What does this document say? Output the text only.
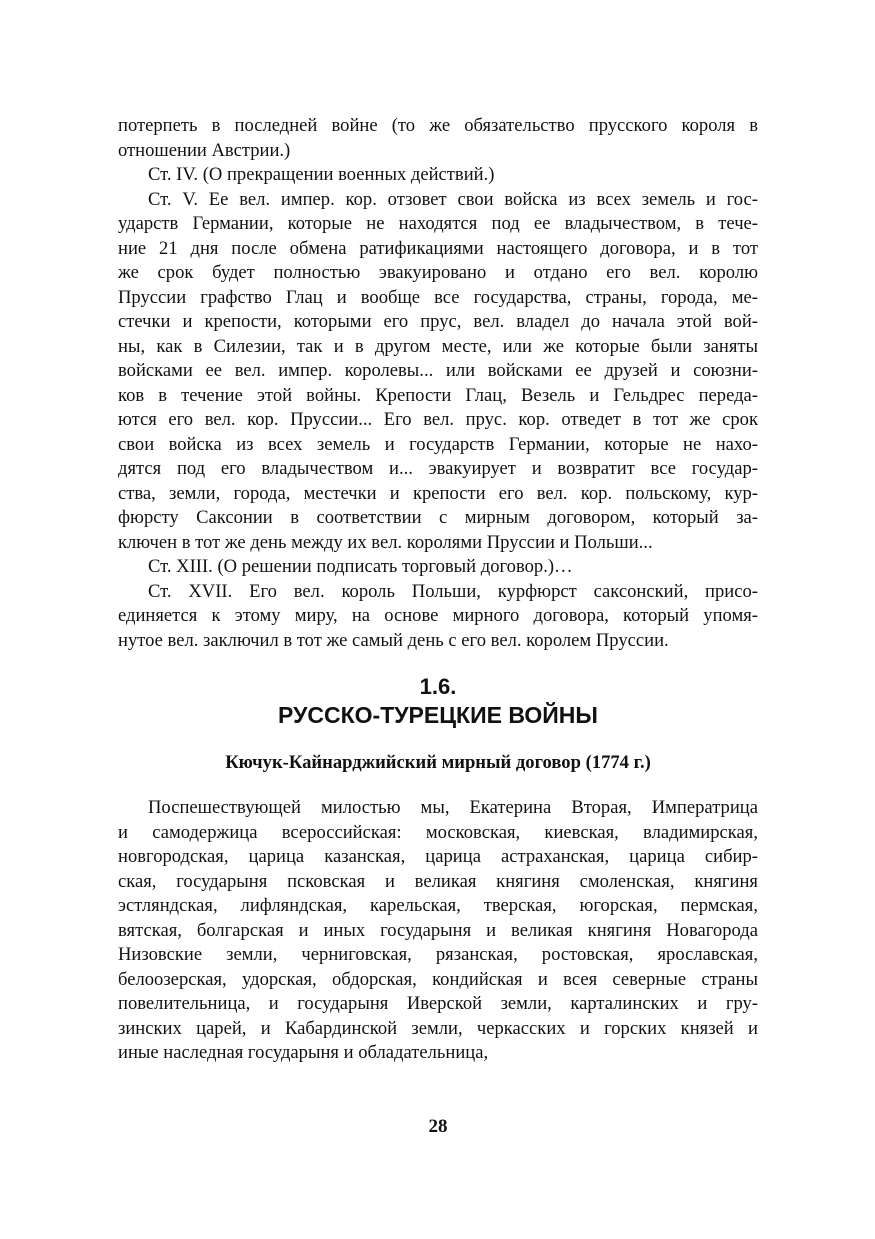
потерпеть в последней войне (то же обязательство прусского короля в
отношении Австрии.)
Ст. IV. (О прекращении военных действий.)
Ст. V. Ее вел. импер. кор. отзовет свои войска из всех земель и гос-
ударств Германии, которые не находятся под ее владычеством, в тече-
ние 21 дня после обмена ратификациями настоящего договора, и в тот
же срок будет полностью эвакуировано и отдано его вел. королю
Пруссии графство Глац и вообще все государства, страны, города, ме-
стечки и крепости, которыми его прус, вел. владел до начала этой вой-
ны, как в Силезии, так и в другом месте, или же которые были заняты
войсками ее вел. импер. королевы... или войсками ее друзей и союзни-
ков в течение этой войны. Крепости Глац, Везель и Гельдрес переда-
ются его вел. кор. Пруссии... Его вел. прус. кор. отведет в тот же срок
свои войска из всех земель и государств Германии, которые не нахо-
дятся под его владычеством и... эвакуирует и возвратит все государ-
ства, земли, города, местечки и крепости его вел. кор. польскому, кур-
фюрсту Саксонии в соответствии с мирным договором, который за-
ключен в тот же день между их вел. королями Пруссии и Польши...
Ст. XIII. (О решении подписать торговый договор.)…
Ст. XVII. Его вел. король Польши, курфюрст саксонский, присо-
единяется к этому миру, на основе мирного договора, который упомя-
нутое вел. заключил в тот же самый день с его вел. королем Пруссии.
1.6.
РУССКО-ТУРЕЦКИЕ ВОЙНЫ
Кючук-Кайнарджийский мирный договор (1774 г.)
Поспешествующей милостью мы, Екатерина Вторая, Императрица
и самодержица всероссийская: московская, киевская, владимирская,
новгородская, царица казанская, царица астраханская, царица сибир-
ская, государыня псковская и великая княгиня смоленская, княгиня
эстляндская, лифляндская, карельская, тверская, югорская, пермская,
вятская, болгарская и иных государыня и великая княгиня Новагорода
Низовские земли, черниговская, рязанская, ростовская, ярославская,
белоозерская, удорская, обдорская, кондийская и всея северные страны
повелительница, и государыня Иверской земли, карталинских и гру-
зинских царей, и Кабардинской земли, черкасских и горских князей и
иные наследная государыня и обладательница,
28
